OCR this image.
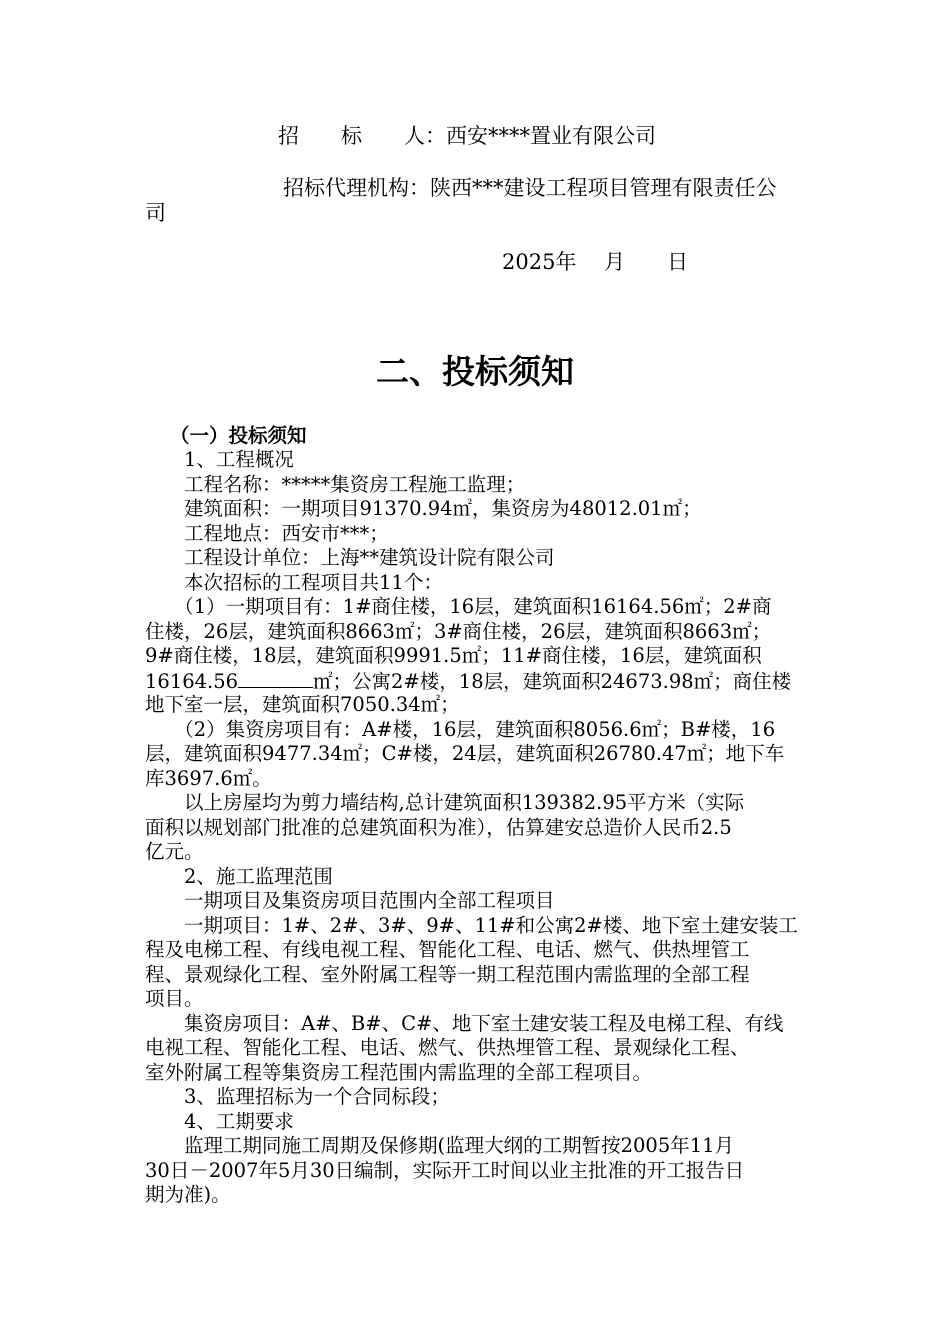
招　　标　　人：西安****置业有限公司
招标代理机构：陕西***建设工程项目管理有限责任公
司
2025年　 月　　日
二、投标须知
（一）投标须知
　　1、工程概况
　　工程名称：*****集资房工程施工监理；
　　建筑面积：一期项目91370.94㎡，集资房为48012.01㎡；
　　工程地点：西安市***；
　　工程设计单位：上海**建筑设计院有限公司
　　本次招标的工程项目共11个：
　　（1）一期项目有：1#商住楼，16层，建筑面积16164.56㎡；2#商
住楼，26层，建筑面积8663㎡；3#商住楼，26层，建筑面积8663㎡；
9#商住楼，18层，建筑面积9991.5㎡；11#商住楼，16层，建筑面积
16164.56	㎡；公寓2#楼，18层，建筑面积24673.98㎡；商住楼
地下室一层，建筑面积7050.34㎡；
　　（2）集资房项目有：A#楼，16层，建筑面积8056.6㎡；B#楼，16
层，建筑面积9477.34㎡；C#楼，24层，建筑面积26780.47㎡；地下车
库3697.6㎡。
　　以上房屋均为剪力墙结构,总计建筑面积139382.95平方米（实际
面积以规划部门批准的总建筑面积为准），估算建安总造价人民币2.5
亿元。
　　2、施工监理范围
　　一期项目及集资房项目范围内全部工程项目
　　一期项目：1#、2#、3#、9#、11#和公寓2#楼、地下室土建安装工
程及电梯工程、有线电视工程、智能化工程、电话、燃气、供热埋管工
程、景观绿化工程、室外附属工程等一期工程范围内需监理的全部工程
项目。
　　集资房项目：A#、B#、C#、地下室土建安装工程及电梯工程、有线
电视工程、智能化工程、电话、燃气、供热埋管工程、景观绿化工程、
室外附属工程等集资房工程范围内需监理的全部工程项目。
　　3、监理招标为一个合同标段；
　　4、工期要求
　　监理工期同施工周期及保修期(监理大纲的工期暂按2005年11月
30日－2007年5月30日编制，实际开工时间以业主批准的开工报告日
期为准)。
